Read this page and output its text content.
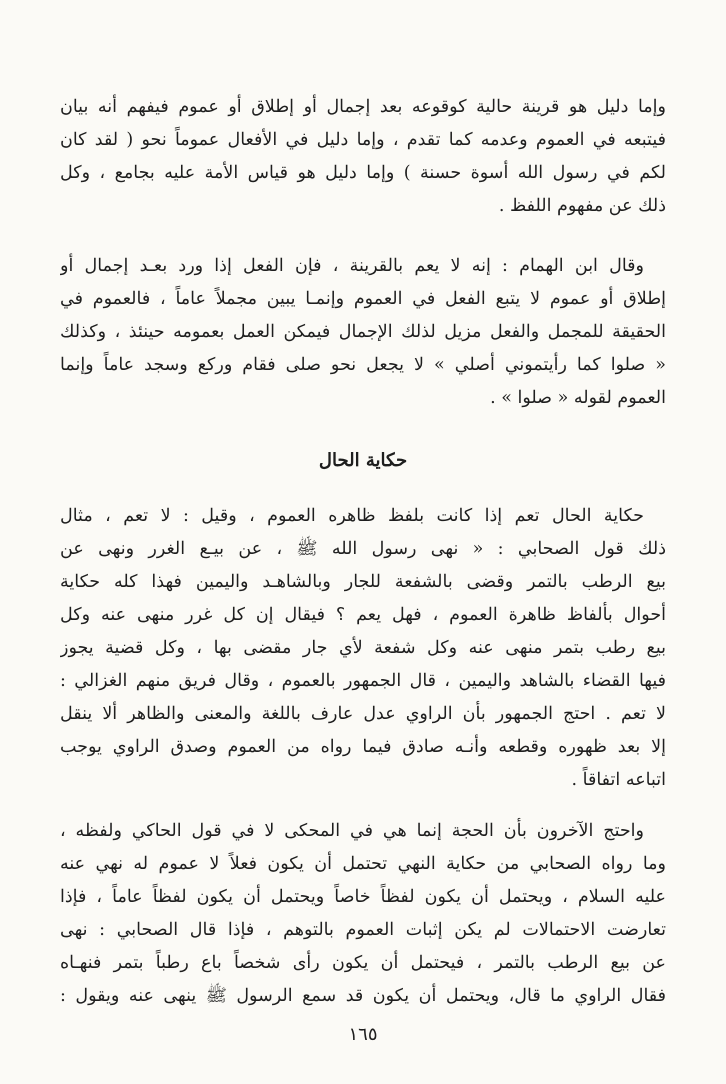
وإما دليل هو قرينة حالية كوقوعه بعد إجمال أو إطلاق أو عموم فيفهم أنه بيان
فيتبعه في العموم وعدمه كما تقدم ، وإما دليل في الأفعال عموماً نحو ( لقد كان
لكم في رسول الله أسوة حسنة ) وإما دليل هو قياس الأمة عليه بجامع ، وكل
ذلك عن مفهوم اللفظ .
وقال ابن الهمام : إنه لا يعم بالقرينة ، فإن الفعل إذا ورد بعـد إجمال أو
إطلاق أو عموم لا يتبع الفعل في العموم وإنمـا يبين مجملاً عاماً ، فالعموم في
الحقيقة للمجمل والفعل مزيل لذلك الإجمال فيمكن العمل بعمومه حينئذ ، وكذلك
« صلوا كما رأيتموني أصلي » لا يجعل نحو صلى فقام وركع وسجد عاماً وإنما
العموم لقوله « صلوا » .
حكاية الحال
حكاية الحال تعم إذا كانت بلفظ ظاهره العموم ، وقيل : لا تعم ، مثال
ذلك قول الصحابي : « نهى رسول الله ﷺ ، عن بيـع الغرر ونهى عن
بيع الرطب بالتمر وقضى بالشفعة للجار وبالشاهـد واليمين فهذا كله حكاية
أحوال بألفاظ ظاهرة العموم ، فهل يعم ؟ فيقال إن كل غرر منهى عنه وكل
بيع رطب بتمر منهى عنه وكل شفعة لأي جار مقضى بها ، وكل قضية يجوز
فيها القضاء بالشاهد واليمين ، قال الجمهور بالعموم ، وقال فريق منهم الغزالي :
لا تعم . احتج الجمهور بأن الراوي عدل عارف باللغة والمعنى والظاهر ألا ينقل
إلا بعد ظهوره وقطعه وأنـه صادق فيما رواه من العموم وصدق الراوي يوجب
اتباعه اتفاقاً .
واحتج الآخرون بأن الحجة إنما هي في المحكى لا في قول الحاكي ولفظه ،
وما رواه الصحابي من حكاية النهي تحتمل أن يكون فعلاً لا عموم له نهي عنه
عليه السلام ، ويحتمل أن يكون لفظاً خاصاً ويحتمل أن يكون لفظاً عاماً ، فإذا
تعارضت الاحتمالات لم يكن إثبات العموم بالتوهم ، فإذا قال الصحابي : نهى
عن بيع الرطب بالتمر ، فيحتمل أن يكون رأى شخصاً باع رطباً بتمر فنهـاه
فقال الراوي ما قال، ويحتمل أن يكون قد سمع الرسول ﷺ ينهى عنه ويقول :
١٦٥
